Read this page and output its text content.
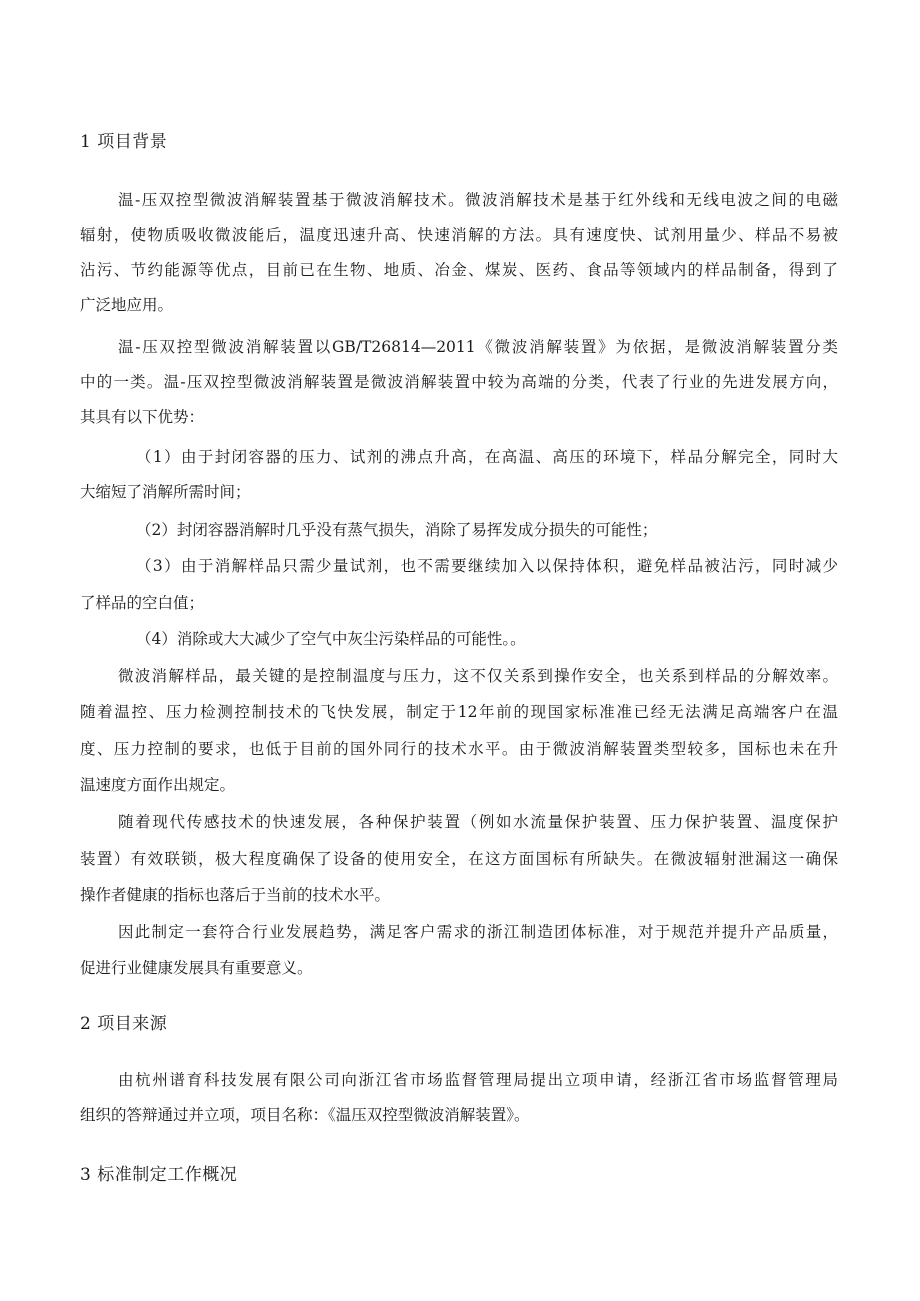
1 项目背景

温-压双控型微波消解装置基于微波消解技术。微波消解技术是基于红外线和无线电波之间的电磁

辐射，使物质吸收微波能后，温度迅速升高、快速消解的方法。具有速度快、试剂用量少、样品不易被

沾污、节约能源等优点，目前已在生物、地质、冶金、煤炭、医药、食品等领域内的样品制备，得到了

广泛地应用。

温-压双控型微波消解装置以GB/T26814—2011《微波消解装置》为依据，是微波消解装置分类

中的一类。温-压双控型微波消解装置是微波消解装置中较为高端的分类，代表了行业的先进发展方向，

其具有以下优势：

（1）由于封闭容器的压力、试剂的沸点升高，在高温、高压的环境下，样品分解完全，同时大

大缩短了消解所需时间；

（2）封闭容器消解时几乎没有蒸气损失，消除了易挥发成分损失的可能性；

（3）由于消解样品只需少量试剂，也不需要继续加入以保持体积，避免样品被沾污，同时减少

了样品的空白值；

（4）消除或大大减少了空气中灰尘污染样品的可能性。。

微波消解样品，最关键的是控制温度与压力，这不仅关系到操作安全，也关系到样品的分解效率。

随着温控、压力检测控制技术的飞快发展，制定于12年前的现国家标准准已经无法满足高端客户在温

度、压力控制的要求，也低于目前的国外同行的技术水平。由于微波消解装置类型较多，国标也未在升

温速度方面作出规定。

随着现代传感技术的快速发展，各种保护装置（例如水流量保护装置、压力保护装置、温度保护

装置）有效联锁，极大程度确保了设备的使用安全，在这方面国标有所缺失。在微波辐射泄漏这一确保

操作者健康的指标也落后于当前的技术水平。

因此制定一套符合行业发展趋势，满足客户需求的浙江制造团体标准，对于规范并提升产品质量，

促进行业健康发展具有重要意义。

2 项目来源

由杭州谱育科技发展有限公司向浙江省市场监督管理局提出立项申请，经浙江省市场监督管理局

组织的答辩通过并立项，项目名称：《温压双控型微波消解装置》。

3 标准制定工作概况
